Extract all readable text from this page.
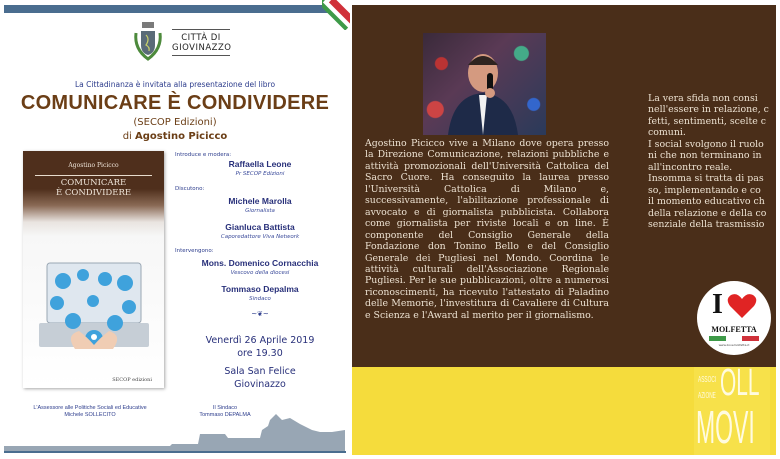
CITTÀ DI
GIOVINAZZO
La Cittadinanza è invitata alla presentazione del libro
COMUNICARE È CONDIVIDERE
(SECOP Edizioni)
di Agostino Picicco
Agostino Picicco
COMUNICARE
È CONDIVIDERE
SECOP edizioni
Introduce e modera:
Raffaella Leone
Pr SECOP Edizioni
Discutono:
Michele Marolla
Giornalista
Gianluca Battista
Caporedattore Viva Network
Intervengono:
Mons. Domenico Cornacchia
Vescovo della diocesi
Tommaso Depalma
Sindaco
~❦~
Venerdì 26 Aprile 2019
ore 19.30
Sala San Felice
Giovinazzo
L'Assessore alle Politiche Sociali ed Educative
Michele SOLLECITO
Il Sindaco
Tommaso DEPALMA
Agostino Picicco vive a Milano dove opera presso la Direzione Comunicazione, relazioni pubbliche e attività promozionali dell'Università Cattolica del Sacro Cuore. Ha conseguito la laurea presso l'Università Cattolica di Milano e, successivamente, l'abilitazione professionale di avvocato e di giornalista pubblicista. Collabora come giornalista per riviste locali e on line. È componente del Consiglio Generale della Fondazione don Tonino Bello e del Consiglio Generale dei Pugliesi nel Mondo. Coordina le attività culturali dell'Associazione Regionale Pugliesi. Per le sue pubblicazioni, oltre a numerosi riconoscimenti, ha ricevuto l'attestato di Paladino delle Memorie, l'investitura di Cavaliere di Cultura e Scienza e l'Award al merito per il giornalismo.
La vera sfida non consi
nell'essere in relazione, c
fetti, sentimenti, scelte c
comuni.
I social svolgono il ruolo
ni che non terminano in
all'incontro reale.
Insomma si tratta di pas
so, implementando e co
il momento educativo ch
della relazione e della co
senziale della trasmissio
I
MOLFETTA
www.ilovemolfetta.it
ASSOCI
AZIONE OLL
MOVI
